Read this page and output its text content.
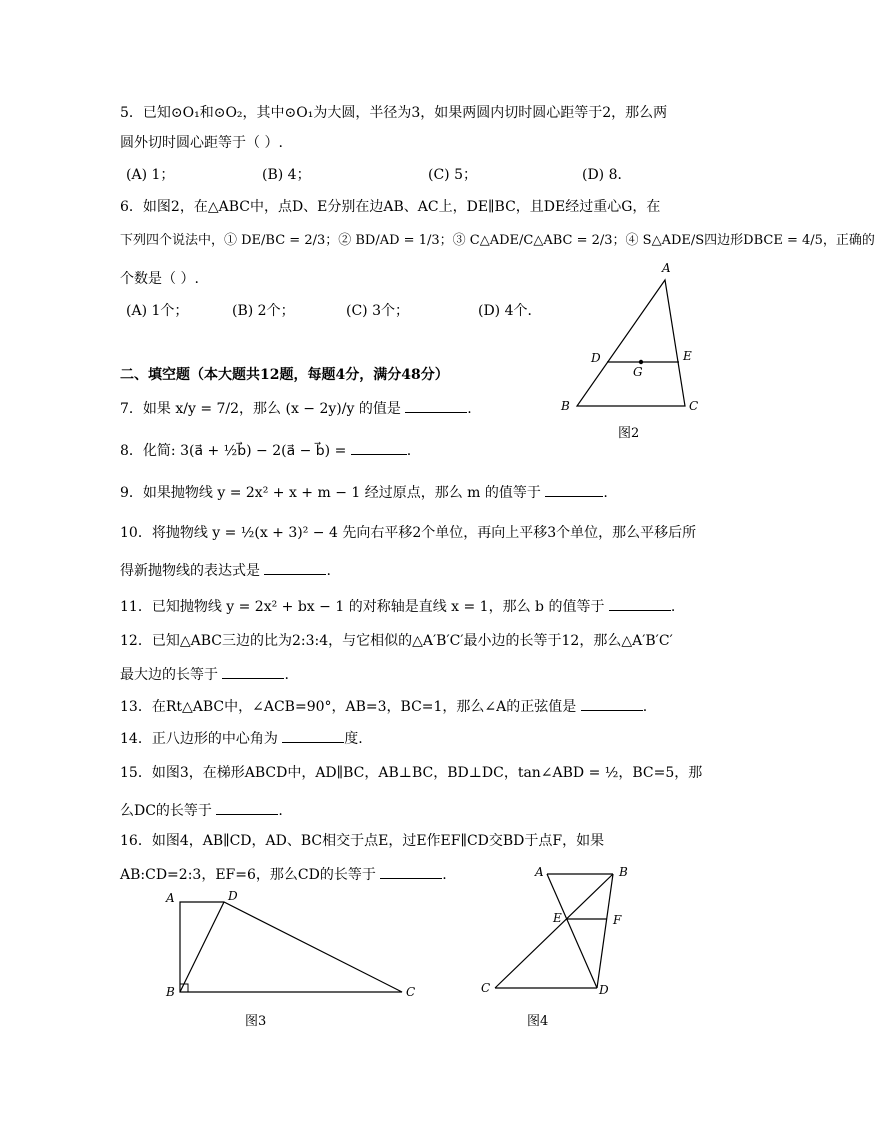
5．已知⊙O₁和⊙O₂，其中⊙O₁为大圆，半径为3，如果两圆内切时圆心距等于2，那么两
圆外切时圆心距等于（ ）.
(A) 1；	(B) 4；	(C) 5；	(D) 8．
6．如图2，在△ABC中，点D、E分别在边AB、AC上，DE∥BC，且DE经过重心G，在
下列四个说法中，① DE/BC = 2/3；② BD/AD = 1/3；③ C△ADE/C△ABC = 2/3；④ S△ADE/S四边形DBCE = 4/5，正确的
个数是（ ）.
(A) 1个；	(B) 2个；	(C) 3个；	(D) 4个．
二、填空题（本大题共12题，每题4分，满分48分）
7．如果 x/y = 7/2，那么 (x − 2y)/y 的值是	.
8．化简: 3(a⃗ + ½b⃗) − 2(a⃗ − b⃗) =	.
9．如果抛物线 y = 2x² + x + m − 1 经过原点，那么 m 的值等于	.
10．将抛物线 y = ½(x + 3)² − 4 先向右平移2个单位，再向上平移3个单位，那么平移后所
得新抛物线的表达式是	.
11．已知抛物线 y = 2x² + bx − 1 的对称轴是直线 x = 1，那么 b 的值等于	.
12．已知△ABC三边的比为2:3:4，与它相似的△A′B′C′最小边的长等于12，那么△A′B′C′
最大边的长等于	.
13．在Rt△ABC中，∠ACB=90°，AB=3，BC=1，那么∠A的正弦值是	.
14．正八边形的中心角为	度.
15．如图3，在梯形ABCD中，AD∥BC，AB⊥BC，BD⊥DC，tan∠ABD = ½，BC=5，那
么DC的长等于	.
16．如图4，AB∥CD，AD、BC相交于点E，过E作EF∥CD交BD于点F，如果
AB:CD=2:3，EF=6，那么CD的长等于	.
A
B	C
D	E
G
图2
A	D
B	C
图3
A	B
E	F
C	D
图4
